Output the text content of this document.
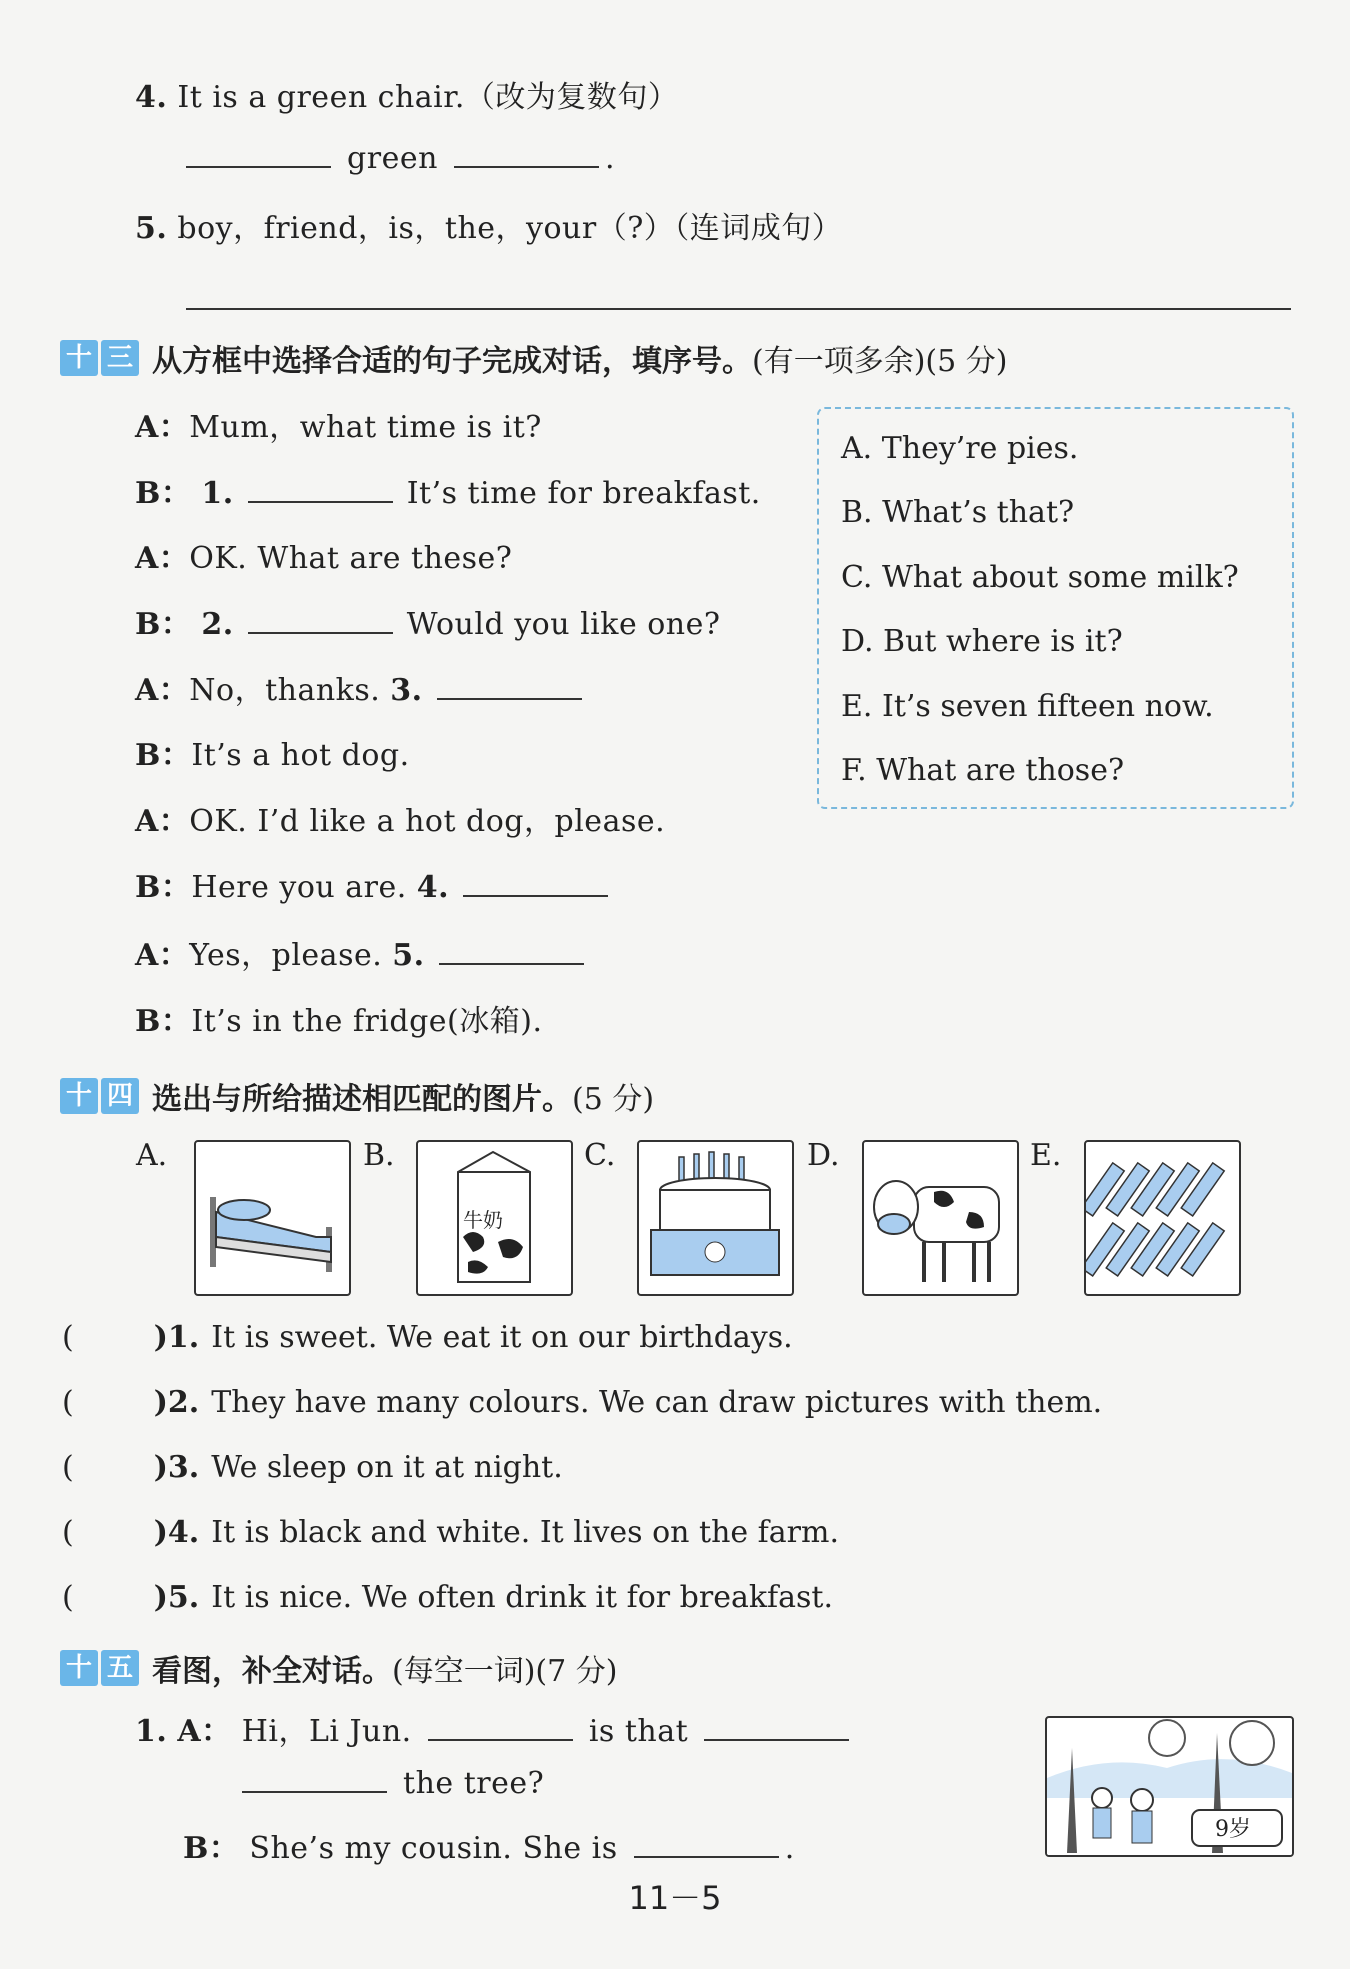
4. It is a green chair.（改为复数句）
green	.
5. boy，friend，is，the，your（?）（连词成句）
十 三 从方框中选择合适的句子完成对话，填序号。 (有一项多余)(5 分)
A：Mum，what time is it?
B： 1.	It’s time for breakfast.
A：OK. What are these?
B： 2.	Would you like one?
A：No，thanks. 3.
B：It’s a hot dog.
A：OK. I’d like a hot dog，please.
B：Here you are. 4.
A：Yes，please. 5.
B：It’s in the fridge(冰箱).
A. They’re pies.
B. What’s that?
C. What about some milk?
D. But where is it?
E. It’s seven fifteen now.
F. What are those?
十 四 选出与所给描述相匹配的图片。 (5 分)
A.	B.
牛奶
C.	D.	E.
(	)1. It is sweet. We eat it on our birthdays.
(	)2. They have many colours. We can draw pictures with them.
(	)3. We sleep on it at night.
(	)4. It is black and white. It lives on the farm.
(	)5. It is nice. We often drink it for breakfast.
十 五 看图，补全对话。 (每空一词)(7 分)
1. A： Hi，Li Jun.	is that
the tree?
B： She’s my cousin. She is	.
9岁
11－5
